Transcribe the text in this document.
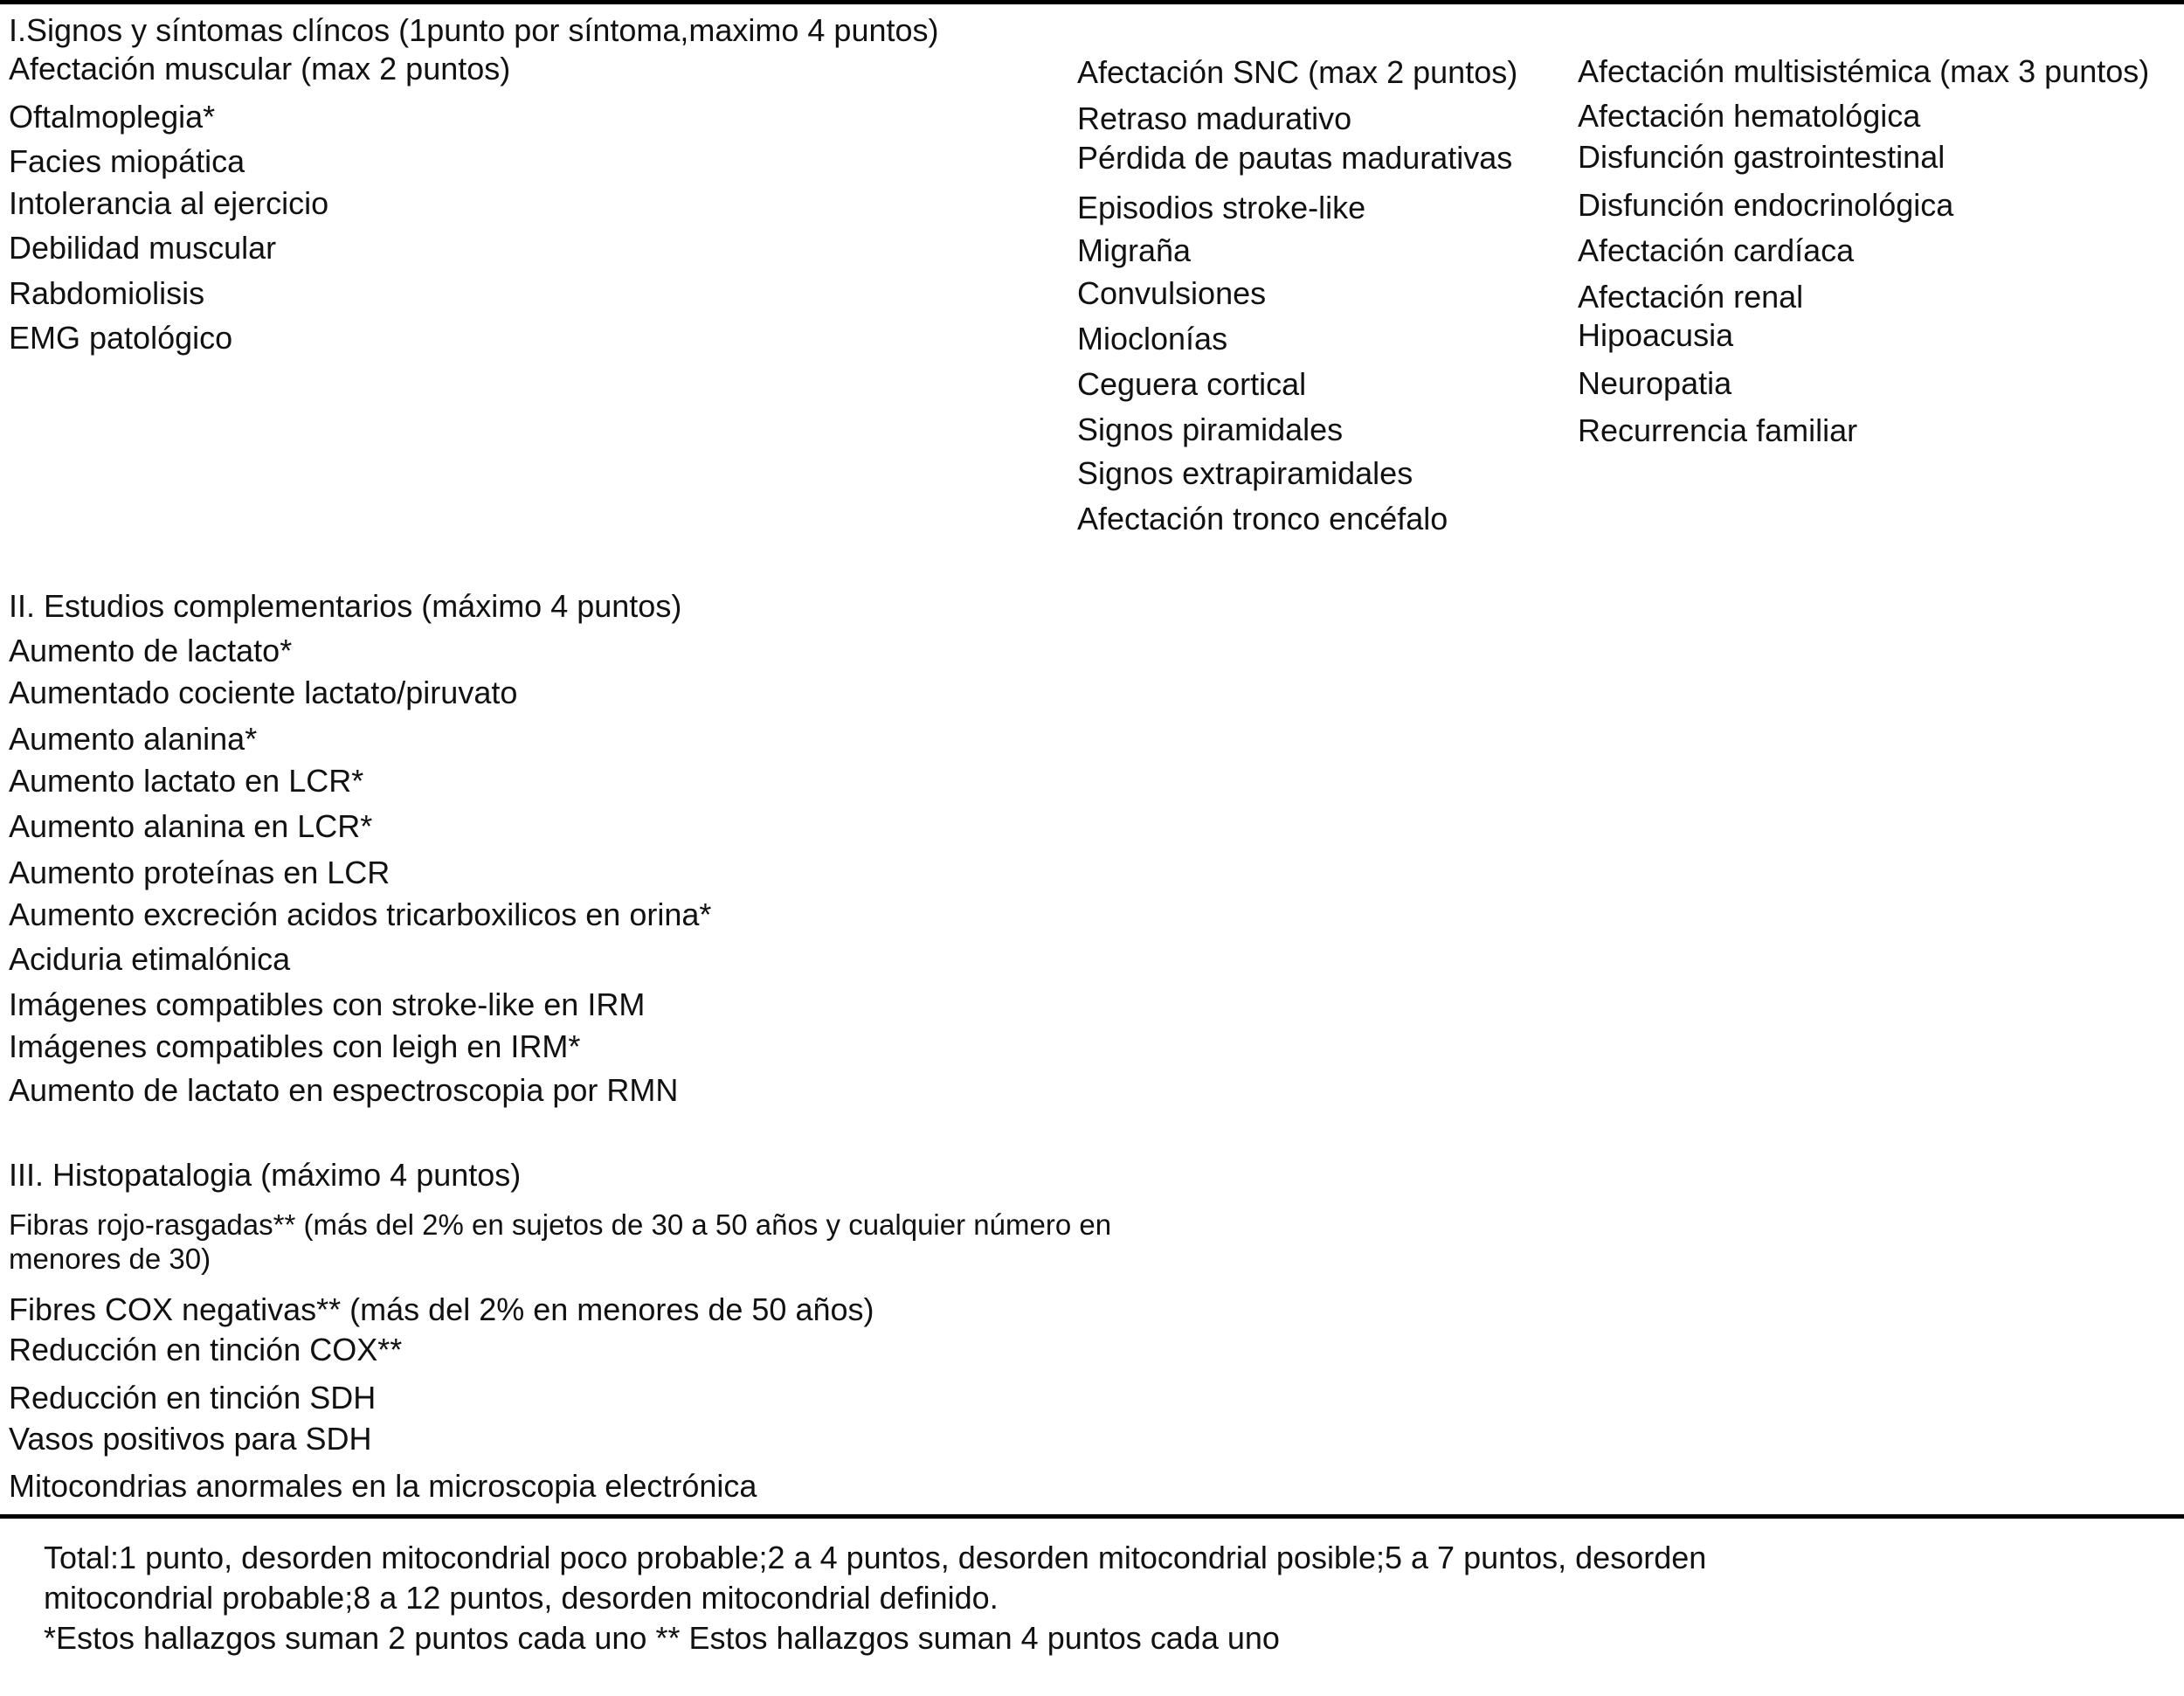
I.Signos y síntomas clíncos (1punto por síntoma,maximo 4 puntos)
Afectación muscular (max 2 puntos)
Oftalmoplegia*
Facies miopática
Intolerancia al ejercicio
Debilidad muscular
Rabdomiolisis
EMG patológico
Afectación SNC (max 2 puntos)
Retraso madurativo
Pérdida de pautas madurativas
Episodios stroke-like
Migraña
Convulsiones
Mioclonías
Ceguera cortical
Signos piramidales
Signos extrapiramidales
Afectación tronco encéfalo
Afectación multisistémica (max 3 puntos)
Afectación hematológica
Disfunción gastrointestinal
Disfunción endocrinológica
Afectación cardíaca
Afectación renal
Hipoacusia
Neuropatia
Recurrencia familiar
II. Estudios complementarios (máximo 4 puntos)
Aumento de lactato*
Aumentado cociente lactato/piruvato
Aumento alanina*
Aumento lactato en LCR*
Aumento alanina en LCR*
Aumento proteínas en LCR
Aumento excreción acidos tricarboxilicos en orina*
Aciduria etimalónica
Imágenes compatibles con stroke-like en IRM
Imágenes compatibles con leigh en IRM*
Aumento de lactato en espectroscopia por RMN
III. Histopatalogia (máximo 4 puntos)
Fibras rojo-rasgadas** (más del 2% en sujetos de 30 a 50 años y cualquier número en
menores de 30)
Fibres COX negativas** (más del 2% en menores de 50 años)
Reducción en tinción COX**
Reducción en tinción SDH
Vasos positivos para SDH
Mitocondrias anormales en la microscopia electrónica
Total:1 punto, desorden mitocondrial poco probable;2 a 4 puntos, desorden mitocondrial posible;5 a 7 puntos, desorden
mitocondrial probable;8 a 12 puntos, desorden mitocondrial definido.
*Estos hallazgos suman 2 puntos cada uno ** Estos hallazgos suman 4 puntos cada uno
